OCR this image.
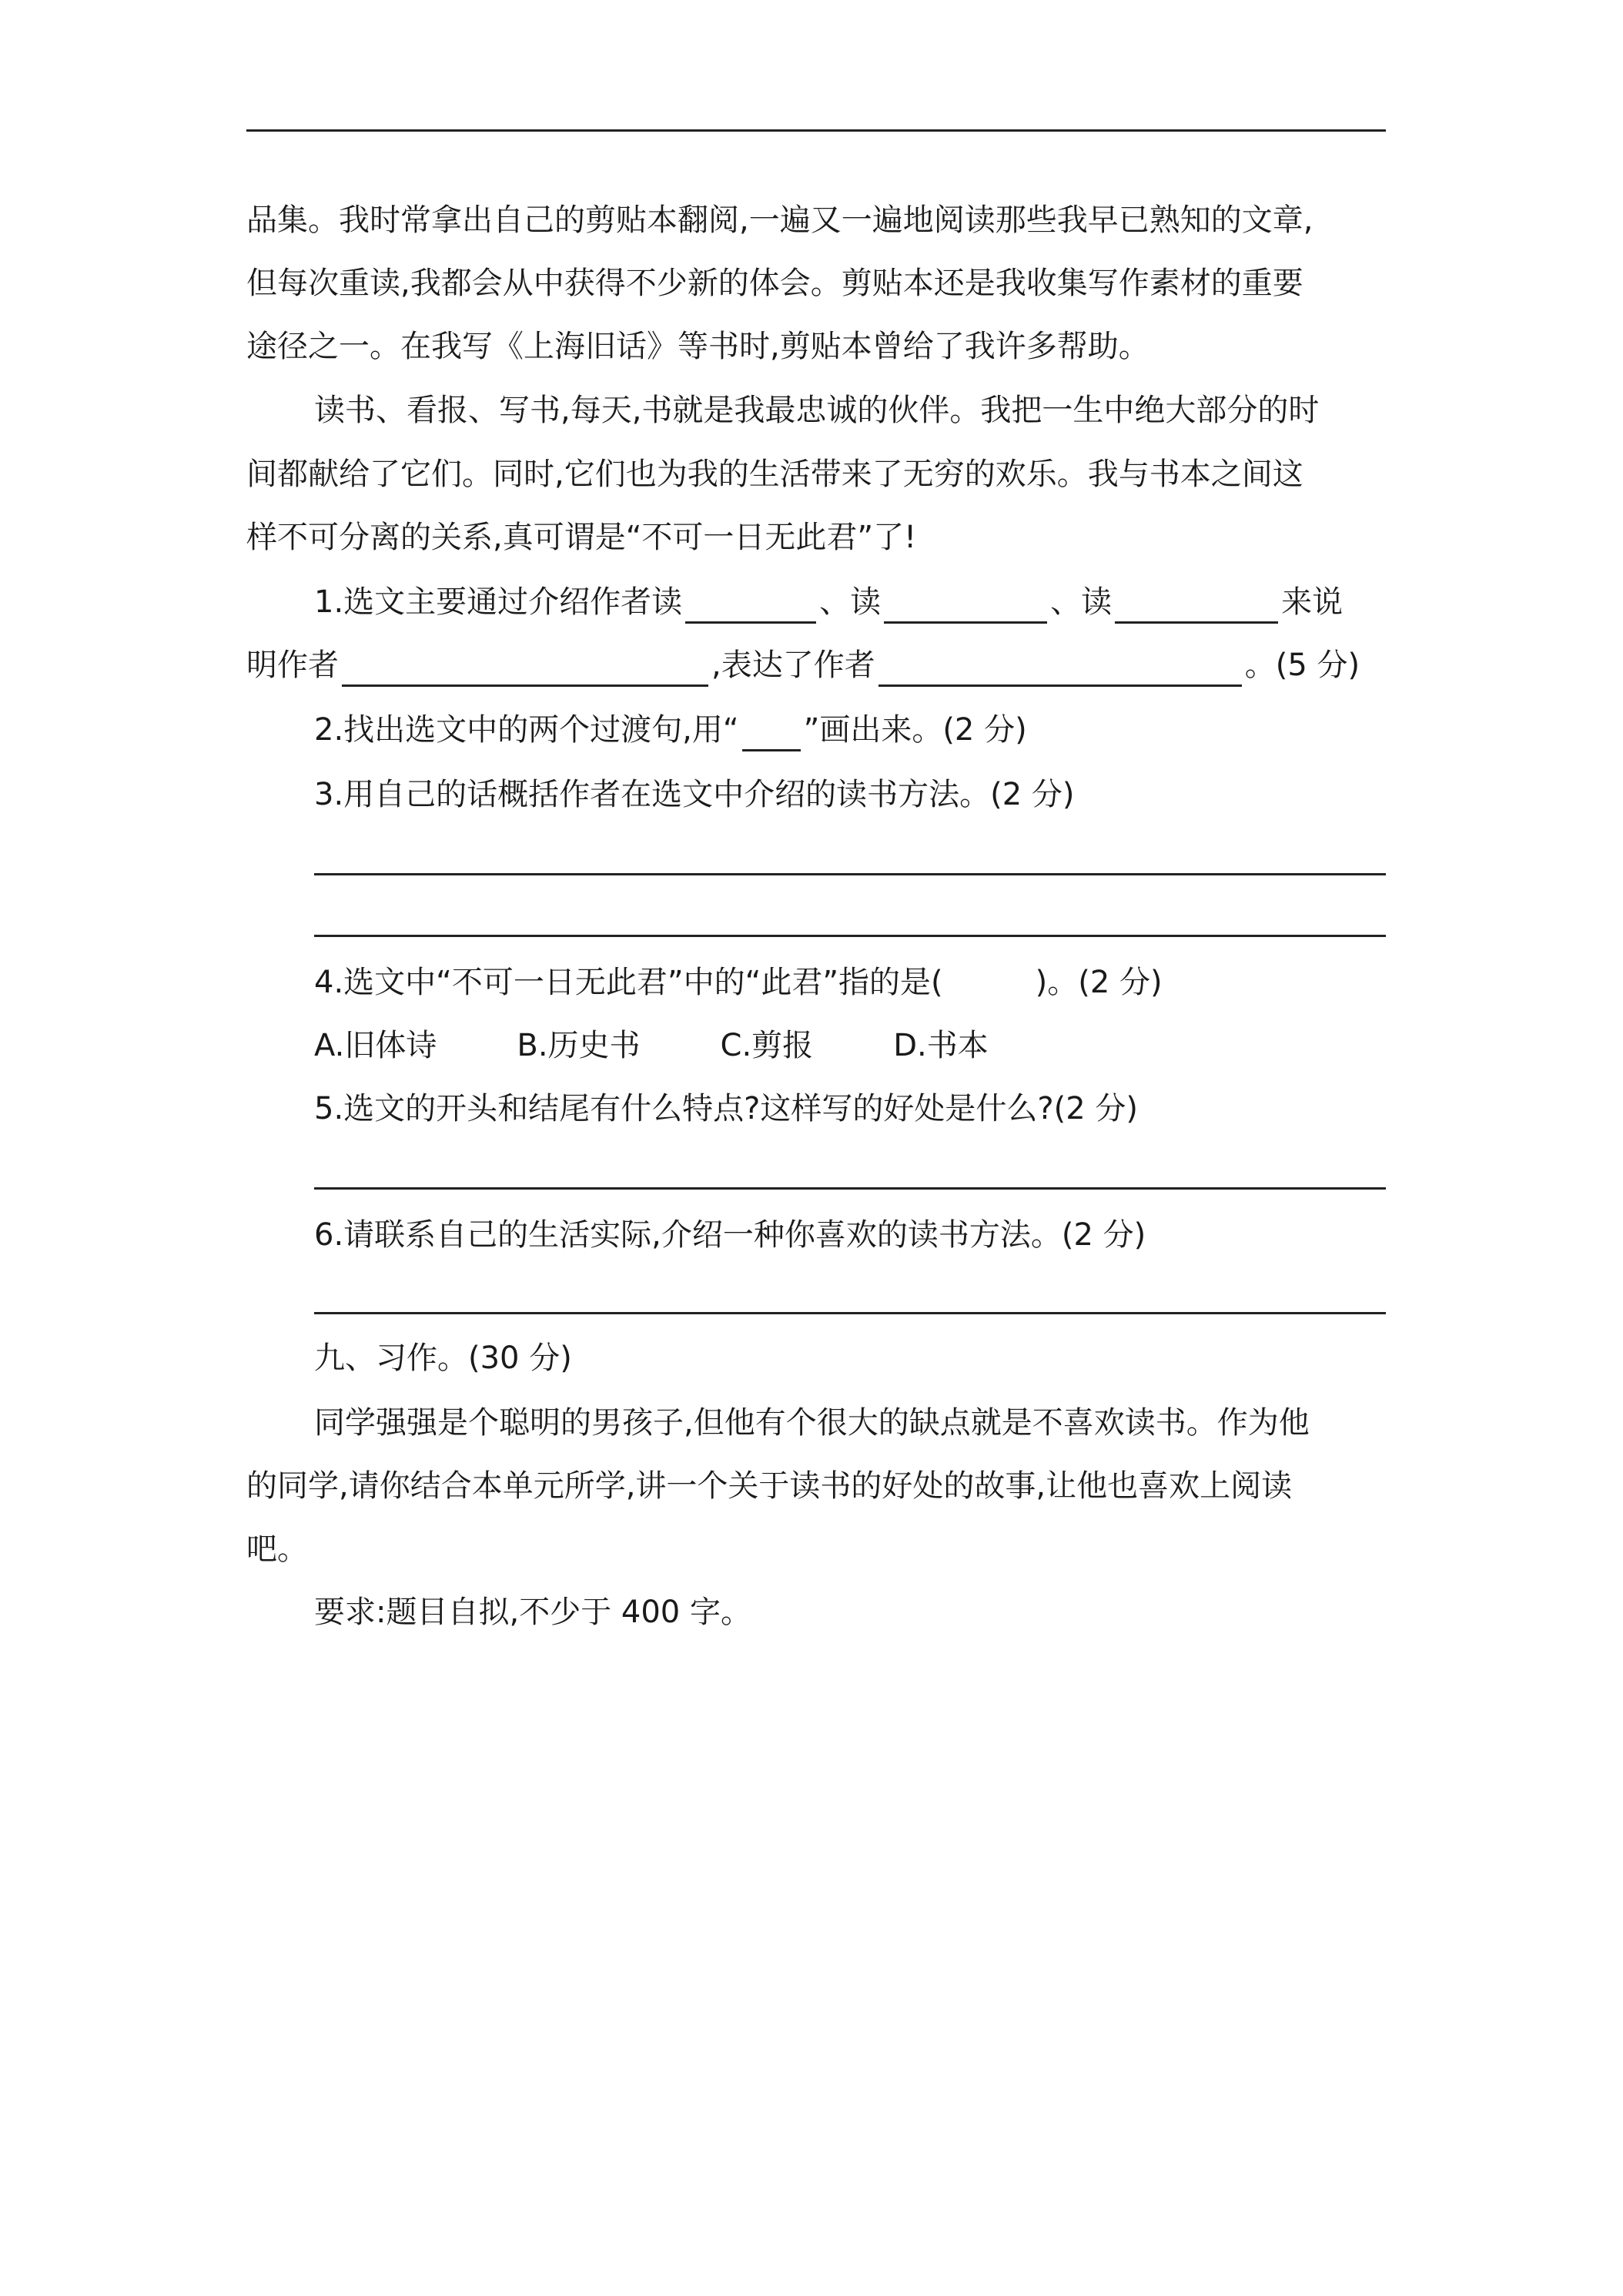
品集。我时常拿出自己的剪贴本翻阅,一遍又一遍地阅读那些我早已熟知的文章,
但每次重读,我都会从中获得不少新的体会。剪贴本还是我收集写作素材的重要
途径之一。在我写《上海旧话》等书时,剪贴本曾给了我许多帮助。
读书、看报、写书,每天,书就是我最忠诚的伙伴。我把一生中绝大部分的时
间都献给了它们。同时,它们也为我的生活带来了无穷的欢乐。我与书本之间这
样不可分离的关系,真可谓是“不可一日无此君”了!
1.选文主要通过介绍作者读	、读	、读	来说
明作者	,表达了作者	。(5 分)
2.找出选文中的两个过渡句,用“ ”画出来。(2 分)
3.用自己的话概括作者在选文中介绍的读书方法。(2 分)
4.选文中“不可一日无此君”中的“此君”指的是(	)。(2 分)
A.旧体诗	B.历史书	C.剪报	D.书本
5.选文的开头和结尾有什么特点?这样写的好处是什么?(2 分)
6.请联系自己的生活实际,介绍一种你喜欢的读书方法。(2 分)
九、习作。(30 分)
同学强强是个聪明的男孩子,但他有个很大的缺点就是不喜欢读书。作为他
的同学,请你结合本单元所学,讲一个关于读书的好处的故事,让他也喜欢上阅读
吧。
要求:题目自拟,不少于 400 字。
